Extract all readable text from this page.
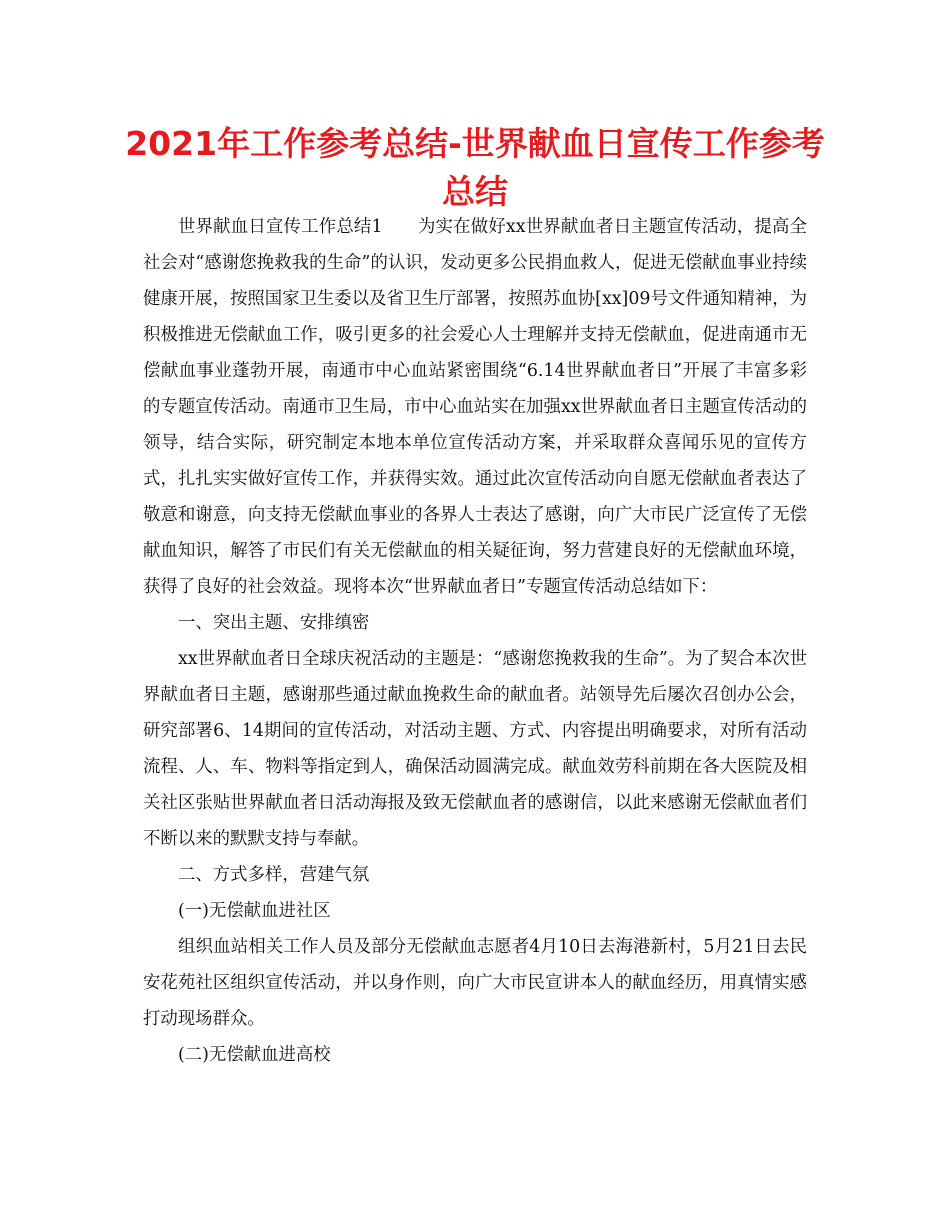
2021年工作参考总结-世界献血日宣传工作参考总结

世界献血日宣传工作总结1　　为实在做好xx世界献血者日主题宣传活动，提高全社会对“感谢您挽救我的生命”的认识，发动更多公民捐血救人，促进无偿献血事业持续健康开展，按照国家卫生委以及省卫生厅部署，按照苏血协[xx]09号文件通知精神，为积极推进无偿献血工作，吸引更多的社会爱心人士理解并支持无偿献血，促进南通市无偿献血事业蓬勃开展，南通市中心血站紧密围绕“6.14世界献血者日”开展了丰富多彩的专题宣传活动。南通市卫生局，市中心血站实在加强xx世界献血者日主题宣传活动的领导，结合实际，研究制定本地本单位宣传活动方案，并采取群众喜闻乐见的宣传方式，扎扎实实做好宣传工作，并获得实效。通过此次宣传活动向自愿无偿献血者表达了敬意和谢意，向支持无偿献血事业的各界人士表达了感谢，向广大市民广泛宣传了无偿献血知识，解答了市民们有关无偿献血的相关疑征询，努力营建良好的无偿献血环境，获得了良好的社会效益。现将本次“世界献血者日”专题宣传活动总结如下：

一、突出主题、安排缜密

xx世界献血者日全球庆祝活动的主题是：“感谢您挽救我的生命”。为了契合本次世界献血者日主题，感谢那些通过献血挽救生命的献血者。站领导先后屡次召创办公会，研究部署6、14期间的宣传活动，对活动主题、方式、内容提出明确要求，对所有活动流程、人、车、物料等指定到人，确保活动圆满完成。献血效劳科前期在各大医院及相关社区张贴世界献血者日活动海报及致无偿献血者的感谢信，以此来感谢无偿献血者们不断以来的默默支持与奉献。

二、方式多样，营建气氛

(一)无偿献血进社区

组织血站相关工作人员及部分无偿献血志愿者4月10日去海港新村，5月21日去民安花苑社区组织宣传活动，并以身作则，向广大市民宣讲本人的献血经历，用真情实感打动现场群众。

(二)无偿献血进高校
